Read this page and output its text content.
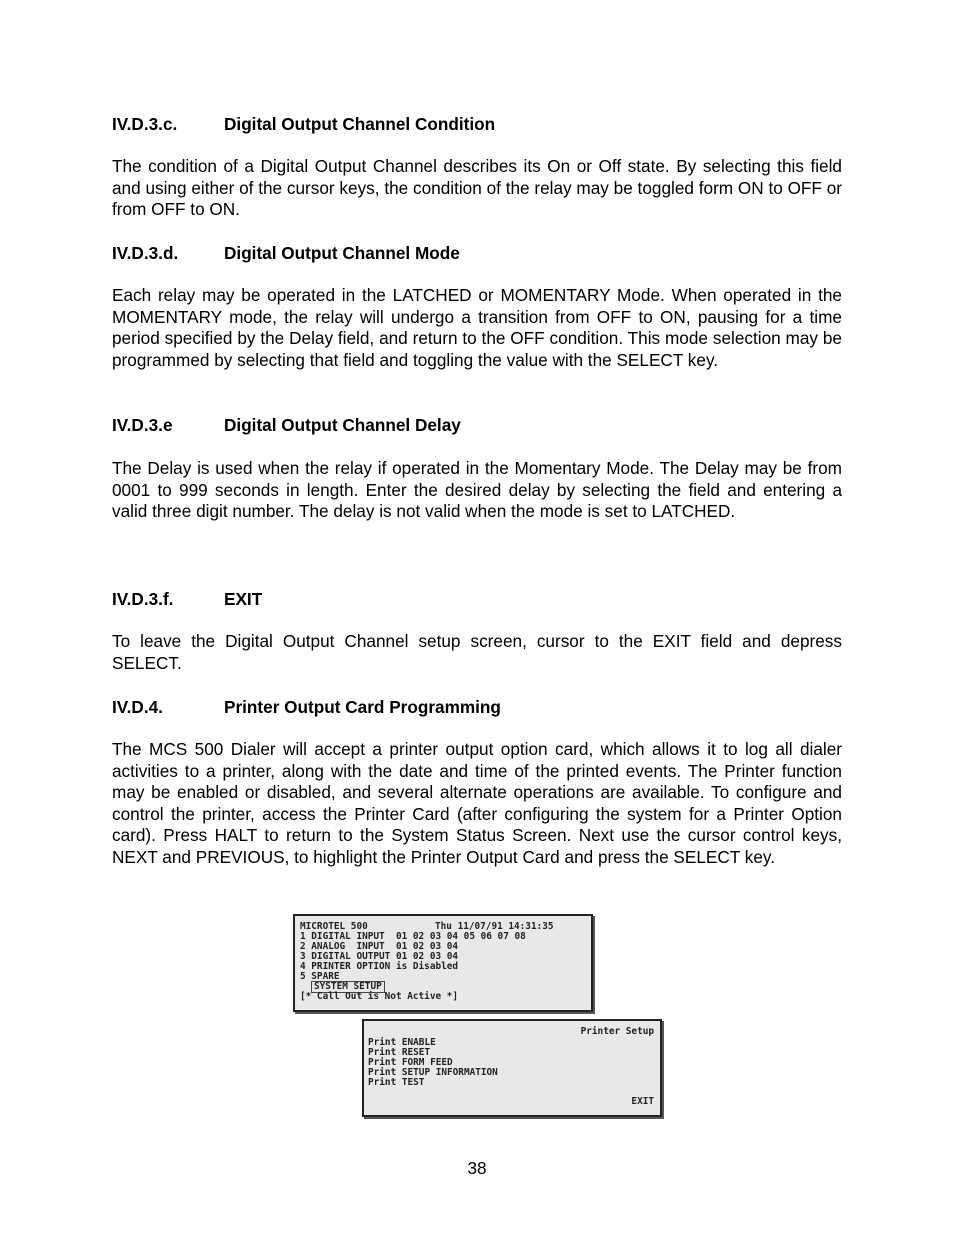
IV.D.3.c.	Digital Output Channel Condition

The condition of a Digital Output Channel describes its On or Off state. By selecting this field and using either of the cursor keys, the condition of the relay may be toggled form ON to OFF or from OFF to ON.

IV.D.3.d.	Digital Output Channel Mode

Each relay may be operated in the LATCHED or MOMENTARY Mode. When operated in the MOMENTARY mode, the relay will undergo a transition from OFF to ON, pausing for a time period specified by the Delay field, and return to the OFF condition. This mode selection may be programmed by selecting that field and toggling the value with the SELECT key.

IV.D.3.e	Digital Output Channel Delay

The Delay is used when the relay if operated in the Momentary Mode. The Delay may be from 0001 to 999 seconds in length. Enter the desired delay by selecting the field and entering a valid three digit number. The delay is not valid when the mode is set to LATCHED.

IV.D.3.f.	EXIT

To leave the Digital Output Channel setup screen, cursor to the EXIT field and depress SELECT.

IV.D.4.	Printer Output Card Programming

The MCS 500 Dialer will accept a printer output option card, which allows it to log all dialer activities to a printer, along with the date and time of the printed events. The Printer function may be enabled or disabled, and several alternate operations are available. To configure and control the printer, access the Printer Card (after configuring the system for a Printer Option card). Press HALT to return to the System Status Screen. Next use the cursor control keys, NEXT and PREVIOUS, to highlight the Printer Output Card and press the SELECT key.

MICROTEL 500	Thu 11/07/91 14:31:35
1 DIGITAL INPUT  01 02 03 04 05 06 07 08
2 ANALOG  INPUT  01 02 03 04
3 DIGITAL OUTPUT 01 02 03 04
4 PRINTER OPTION is Disabled
5 SPARE
SYSTEM SETUP
[* Call Out is Not Active *]
Printer Setup
Print ENABLE
Print RESET
Print FORM FEED
Print SETUP INFORMATION
Print TEST
EXIT
38
